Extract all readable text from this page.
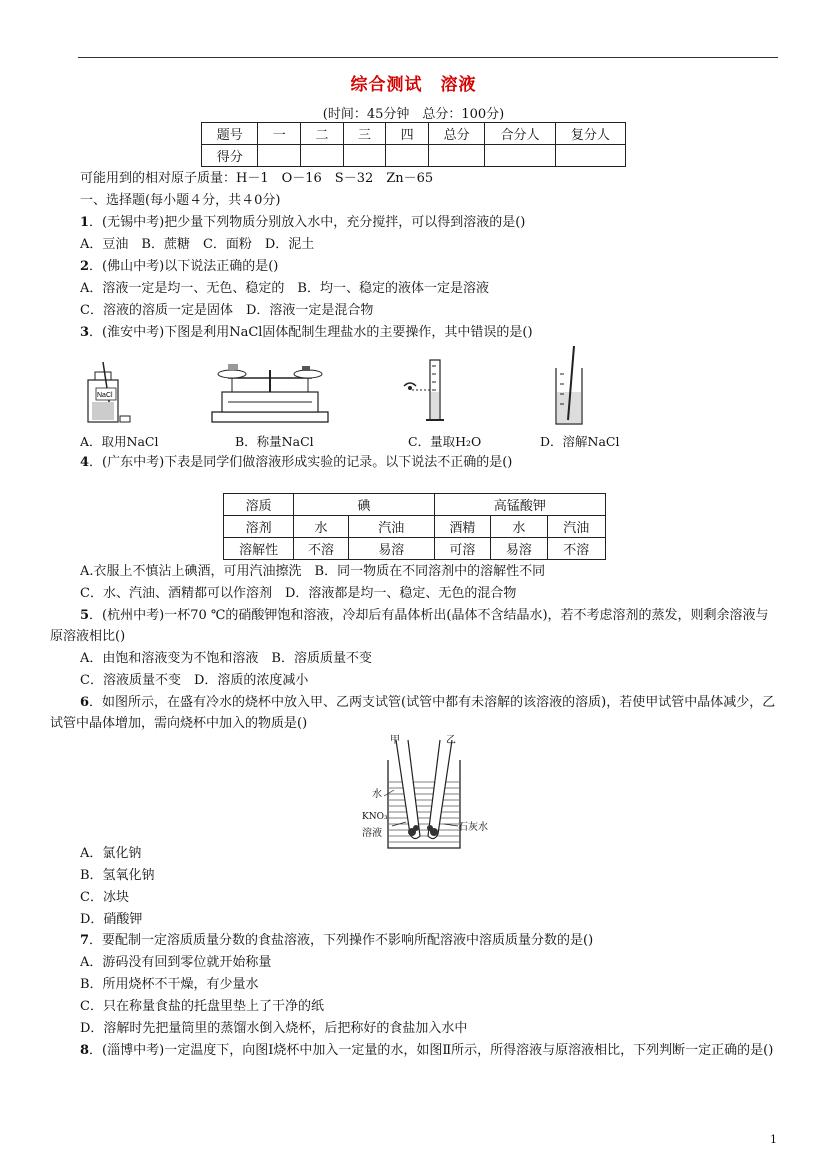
综合测试　溶液
(时间：45分钟　总分：100分)
题号	一	二	三	四	总分	合分人	复分人
得分							
可能用到的相对原子质量：H－1　O－16　S－32　Zn－65
一、选择题(每小题４分，共４0分)
1．(无锡中考)把少量下列物质分别放入水中，充分搅拌，可以得到溶液的是()
A．豆油　B．蔗糖　C．面粉　D．泥土
2．(佛山中考)以下说法正确的是()
A．溶液一定是均一、无色、稳定的　B．均一、稳定的液体一定是溶液
C．溶液的溶质一定是固体　D．溶液一定是混合物
3．(淮安中考)下图是利用NaCl固体配制生理盐水的主要操作，其中错误的是()
NaCl
A．取用NaCl	B．称量NaCl	C．量取H₂O	D．溶解NaCl
4．(广东中考)下表是同学们做溶液形成实验的记录。以下说法不正确的是()
溶质	碘		高锰酸钾		
溶剂	水	汽油	酒精	水	汽油
溶解性	不溶	易溶	可溶	易溶	不溶
A.衣服上不慎沾上碘酒，可用汽油擦洗　B．同一物质在不同溶剂中的溶解性不同
C．水、汽油、酒精都可以作溶剂　D．溶液都是均一、稳定、无色的混合物
5．(杭州中考)一杯70 ℃的硝酸钾饱和溶液，冷却后有晶体析出(晶体不含结晶水)，若不考虑溶剂的蒸发，则剩余溶液与原溶液相比()
A．由饱和溶液变为不饱和溶液　B．溶质质量不变
C．溶液质量不变　D．溶质的浓度减小
6．如图所示，在盛有冷水的烧杯中放入甲、乙两支试管(试管中都有未溶解的该溶液的溶质)，若使甲试管中晶体减少，乙试管中晶体增加，需向烧杯中加入的物质是()
甲	乙
水
KNO₃
溶液
石灰水
A．氯化钠
B．氢氧化钠
C．冰块
D．硝酸钾
7．要配制一定溶质质量分数的食盐溶液，下列操作不影响所配溶液中溶质质量分数的是()
A．游码没有回到零位就开始称量
B．所用烧杯不干燥，有少量水
C．只在称量食盐的托盘里垫上了干净的纸
D．溶解时先把量筒里的蒸馏水倒入烧杯，后把称好的食盐加入水中
8．(淄博中考)一定温度下，向图Ⅰ烧杯中加入一定量的水，如图Ⅱ所示，所得溶液与原溶液相比，下列判断一定正确的是()
1
